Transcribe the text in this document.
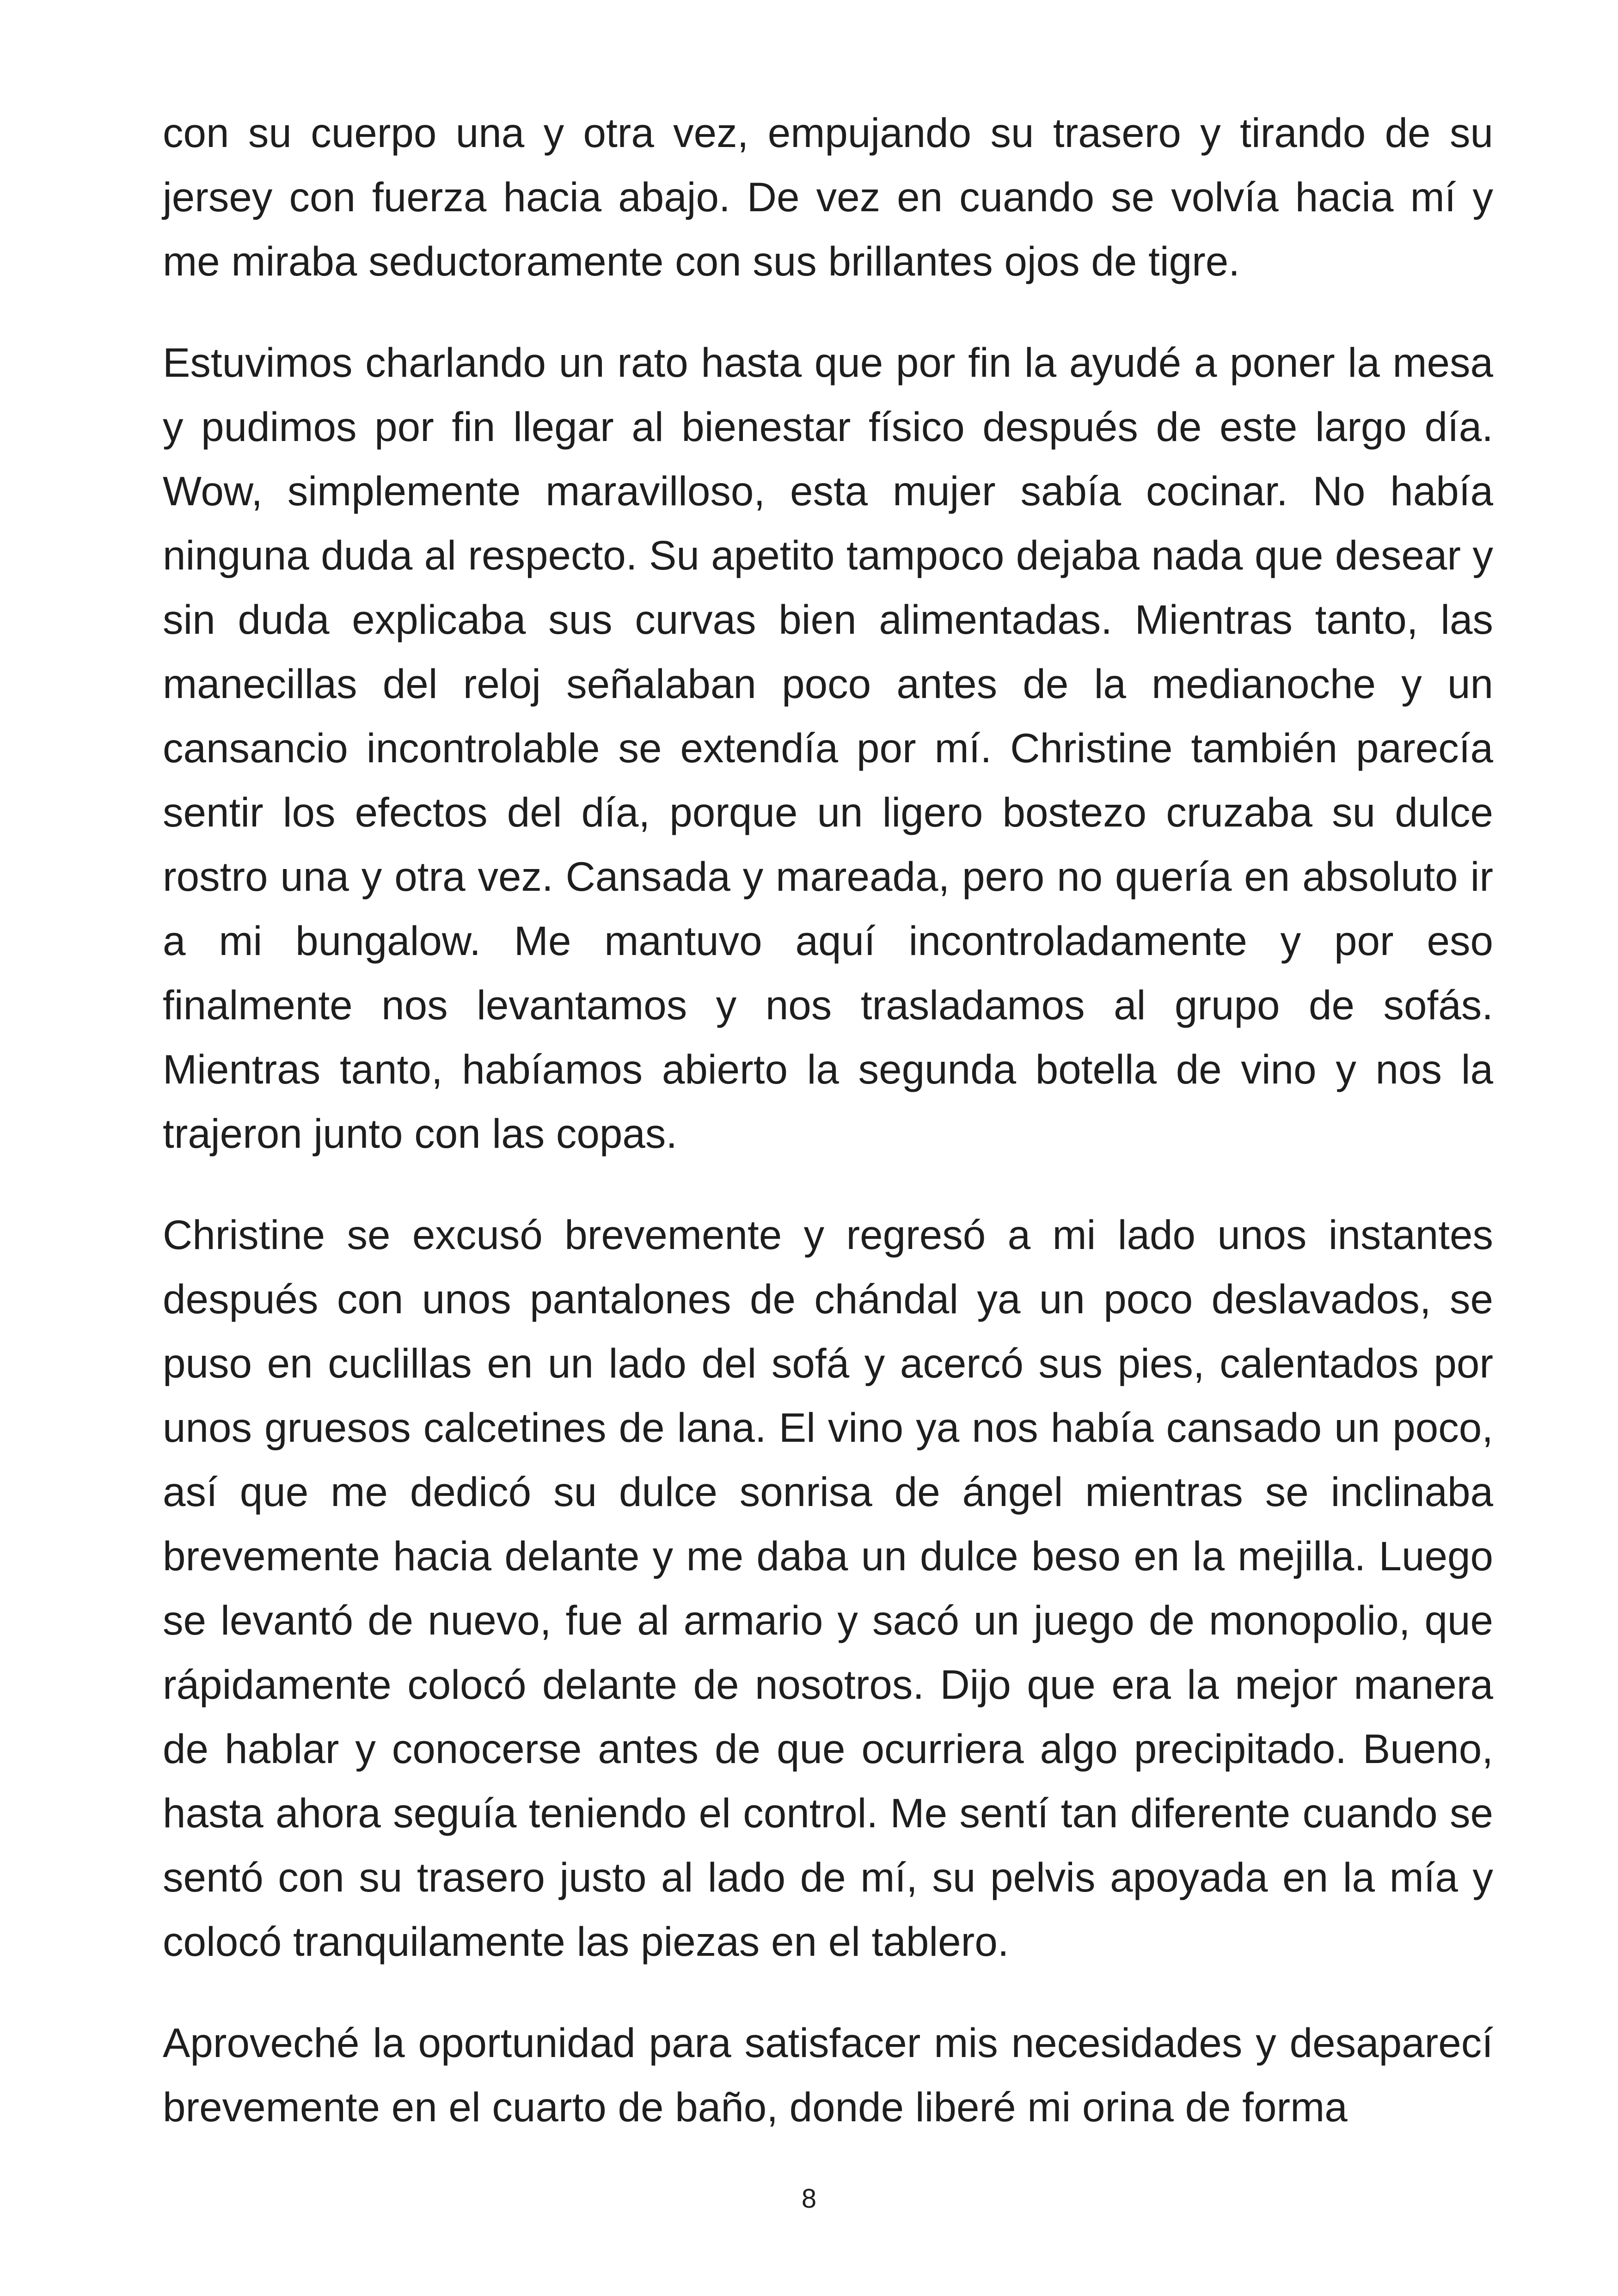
con su cuerpo una y otra vez, empujando su trasero y tirando de su jersey con fuerza hacia abajo. De vez en cuando se volvía hacia mí y me miraba seductoramente con sus brillantes ojos de tigre.

Estuvimos charlando un rato hasta que por fin la ayudé a poner la mesa y pudimos por fin llegar al bienestar físico después de este largo día. Wow, simplemente maravilloso, esta mujer sabía cocinar. No había ninguna duda al respecto. Su apetito tampoco dejaba nada que desear y sin duda explicaba sus curvas bien alimentadas. Mientras tanto, las manecillas del reloj señalaban poco antes de la medianoche y un cansancio incontrolable se extendía por mí. Christine también parecía sentir los efectos del día, porque un ligero bostezo cruzaba su dulce rostro una y otra vez. Cansada y mareada, pero no quería en absoluto ir a mi bungalow. Me mantuvo aquí incontroladamente y por eso finalmente nos levantamos y nos trasladamos al grupo de sofás. Mientras tanto, habíamos abierto la segunda botella de vino y nos la trajeron junto con las copas.

Christine se excusó brevemente y regresó a mi lado unos instantes después con unos pantalones de chándal ya un poco deslavados, se puso en cuclillas en un lado del sofá y acercó sus pies, calentados por unos gruesos calcetines de lana. El vino ya nos había cansado un poco, así que me dedicó su dulce sonrisa de ángel mientras se inclinaba brevemente hacia delante y me daba un dulce beso en la mejilla. Luego se levantó de nuevo, fue al armario y sacó un juego de monopolio, que rápidamente colocó delante de nosotros. Dijo que era la mejor manera de hablar y conocerse antes de que ocurriera algo precipitado. Bueno, hasta ahora seguía teniendo el control. Me sentí tan diferente cuando se sentó con su trasero justo al lado de mí, su pelvis apoyada en la mía y colocó tranquilamente las piezas en el tablero.

Aproveché la oportunidad para satisfacer mis necesidades y desaparecí brevemente en el cuarto de baño, donde liberé mi orina de forma

8
